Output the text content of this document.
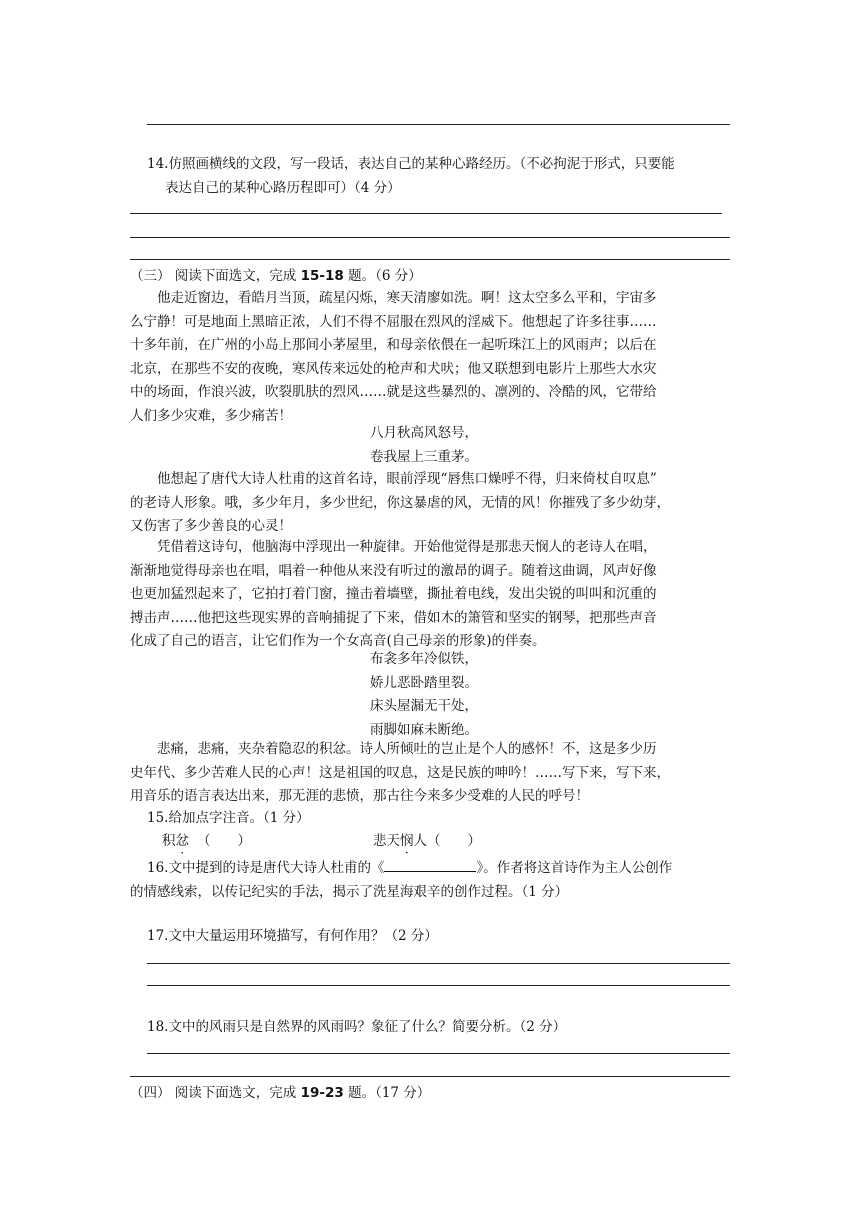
14.仿照画横线的文段，写一段话，表达自己的某种心路经历。（不必拘泥于形式，只要能
表达自己的某种心路历程即可）（4 分）
（三） 阅读下面选文，完成 15-18 题。（6 分）
　　他走近窗边，看皓月当顶，疏星闪烁，寒天清廖如洗。啊！这太空多么平和，宇宙多
么宁静！可是地面上黑暗正浓，人们不得不屈服在烈风的淫威下。他想起了许多往事……
十多年前，在广州的小岛上那间小茅屋里，和母亲依偎在一起听珠江上的风雨声；以后在
北京，在那些不安的夜晚，寒风传来远处的枪声和犬吠；他又联想到电影片上那些大水灾
中的场面，作浪兴波，吹裂肌肤的烈风……就是这些暴烈的、凛冽的、冷酷的风，它带给
人们多少灾难，多少痛苦！
八月秋高风怒号，
卷我屋上三重茅。
　　他想起了唐代大诗人杜甫的这首名诗，眼前浮现“唇焦口燥呼不得，归来倚杖自叹息”
的老诗人形象。哦，多少年月，多少世纪，你这暴虐的风，无情的风！你摧残了多少幼芽，
又伤害了多少善良的心灵！
　　凭借着这诗句，他脑海中浮现出一种旋律。开始他觉得是那悲天悯人的老诗人在唱，
渐渐地觉得母亲也在唱，唱着一种他从来没有听过的激昂的调子。随着这曲调，风声好像
也更加猛烈起来了，它拍打着门窗，撞击着墙壁，撕扯着电线，发出尖锐的叫叫和沉重的
搏击声……他把这些现实界的音响捕捉了下来，借如木的箫管和坚实的钢琴，把那些声音
化成了自己的语言，让它们作为一个女高音(自己母亲的形象)的伴奏。
布衾多年冷似铁，
娇儿恶卧踏里裂。
床头屋漏无干处，
雨脚如麻未断绝。
　　悲痛，悲痛，夹杂着隐忍的积忿。诗人所倾吐的岂止是个人的感怀！不，这是多少历
史年代、多少苦难人民的心声！这是祖国的叹息，这是民族的呻吟！……写下来，写下来，
用音乐的语言表达出来，那无涯的悲愤，那古往今来多少受难的人民的呼号！
15.给加点字注音。（1 分）
积忿 （　　）	悲天悯人（　　）
16.文中提到的诗是唐代大诗人杜甫的《	》。作者将这首诗作为主人公创作
的情感线索，以传记纪实的手法，揭示了洗星海艰辛的创作过程。（1 分）
17.文中大量运用环境描写，有何作用？（2 分）
18.文中的风雨只是自然界的风雨吗？象征了什么？简要分析。（2 分）
（四） 阅读下面选文，完成 19-23 题。（17 分）
